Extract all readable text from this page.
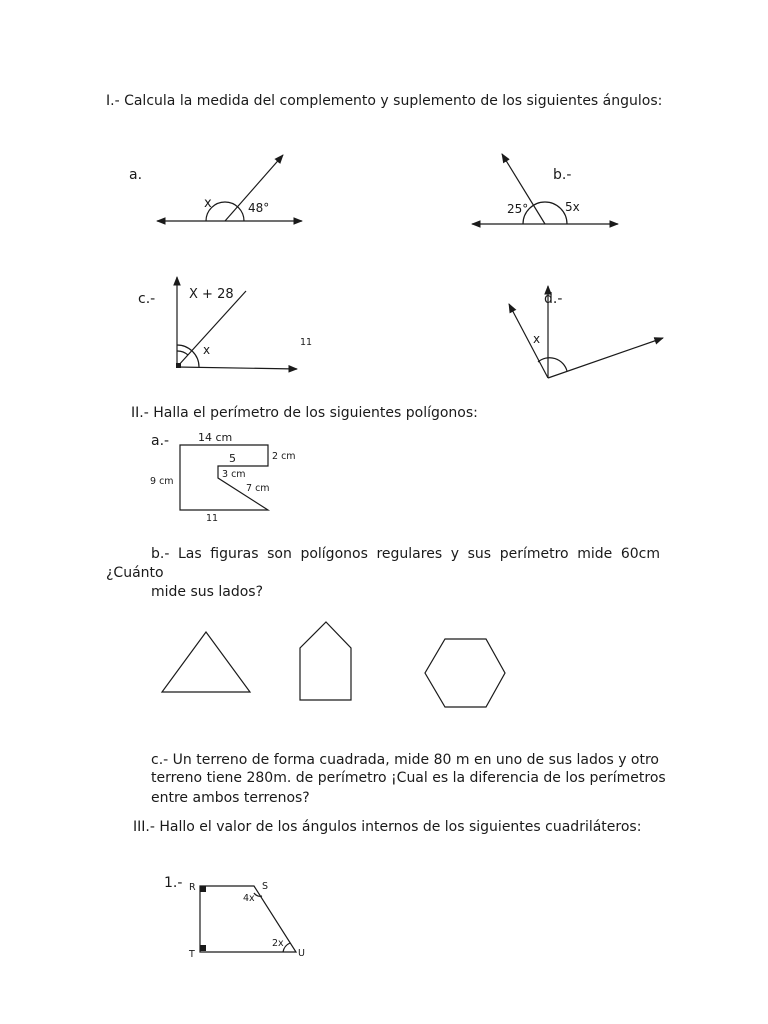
I.- Calcula la medida del complemento y suplemento de los siguientes ángulos:
x	48°	25°	5x
X + 28
x
11	x
14 cm
2 cm
5
3 cm
7 cm
9 cm
11
R	S
T	U
4x
2x
a.	b.-
c.-	d.-
II.- Halla el perímetro de los siguientes polígonos:
a.-
b.- Las figuras son polígonos regulares y sus perímetro mide 60cm
¿Cuánto
mide sus lados?
c.- Un terreno de forma cuadrada, mide 80 m en uno de sus lados y otro
terreno tiene 280m. de perímetro ¡Cual es la diferencia de los perímetros
entre ambos terrenos?
III.- Hallo el valor de los ángulos internos de los siguientes cuadriláteros:
1.-
